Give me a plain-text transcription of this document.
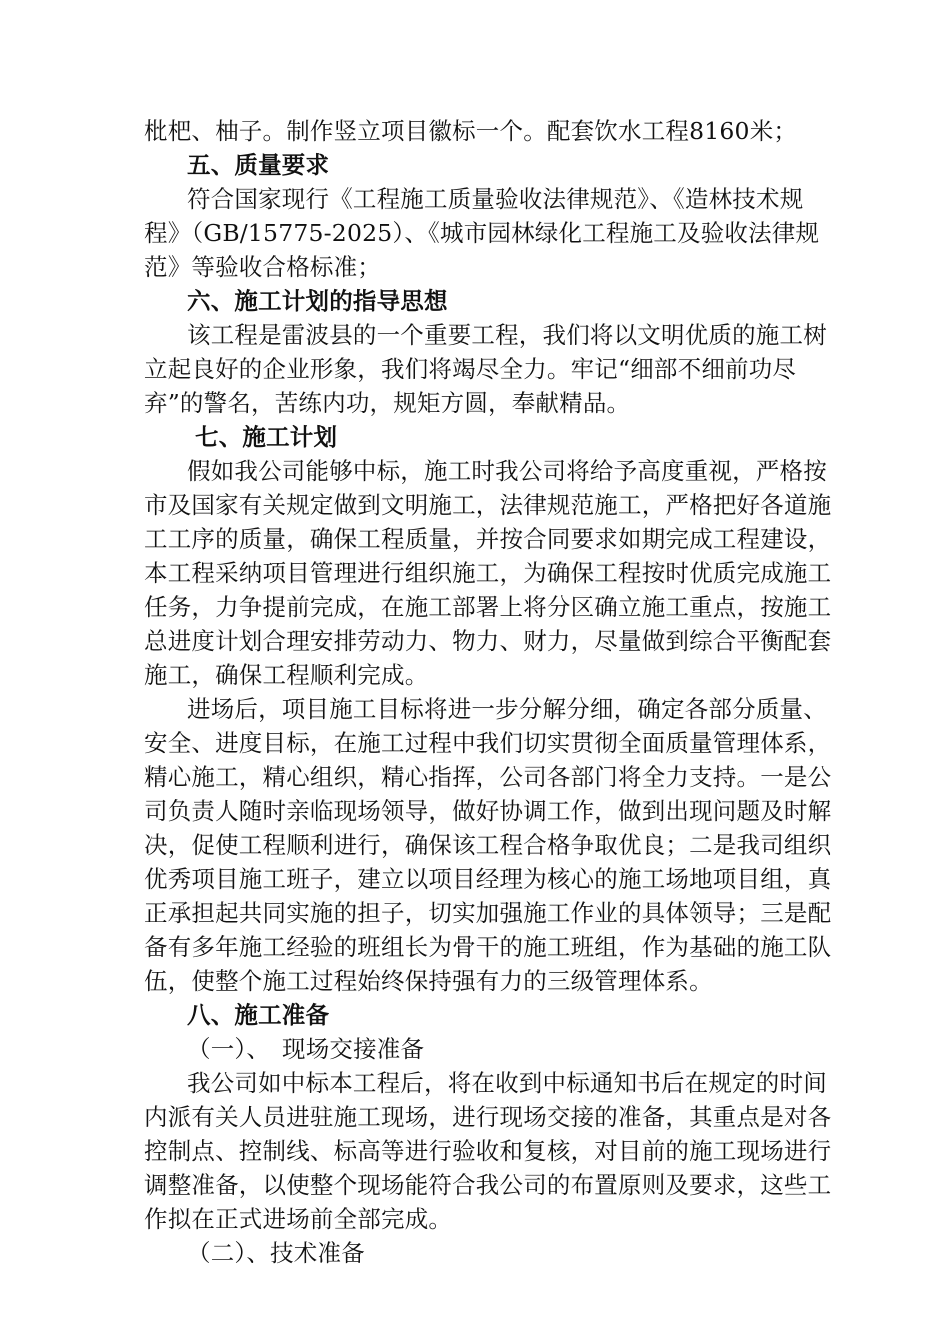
枇杷、柚子。制作竖立项目徽标一个。配套饮水工程8160米；
五、质量要求
符合国家现行《工程施工质量验收法律规范》、《造林技术规
程》（GB/15775-2025）、《城市园林绿化工程施工及验收法律规
范》等验收合格标准；
六、施工计划的指导思想
该工程是雷波县的一个重要工程，我们将以文明优质的施工树
立起良好的企业形象，我们将竭尽全力。牢记“细部不细前功尽
弃”的警名，苦练内功，规矩方圆，奉献精品。
七、施工计划
假如我公司能够中标，施工时我公司将给予高度重视，严格按
市及国家有关规定做到文明施工，法律规范施工，严格把好各道施
工工序的质量，确保工程质量，并按合同要求如期完成工程建设，
本工程采纳项目管理进行组织施工，为确保工程按时优质完成施工
任务，力争提前完成，在施工部署上将分区确立施工重点，按施工
总进度计划合理安排劳动力、物力、财力，尽量做到综合平衡配套
施工，确保工程顺利完成。
进场后，项目施工目标将进一步分解分细，确定各部分质量、
安全、进度目标，在施工过程中我们切实贯彻全面质量管理体系，
精心施工，精心组织，精心指挥，公司各部门将全力支持。一是公
司负责人随时亲临现场领导，做好协调工作，做到出现问题及时解
决，促使工程顺利进行，确保该工程合格争取优良；二是我司组织
优秀项目施工班子，建立以项目经理为核心的施工场地项目组，真
正承担起共同实施的担子，切实加强施工作业的具体领导；三是配
备有多年施工经验的班组长为骨干的施工班组，作为基础的施工队
伍，使整个施工过程始终保持强有力的三级管理体系。
八、施工准备
（一）、　现场交接准备
我公司如中标本工程后，将在收到中标通知书后在规定的时间
内派有关人员进驻施工现场，进行现场交接的准备，其重点是对各
控制点、控制线、标高等进行验收和复核，对目前的施工现场进行
调整准备，以使整个现场能符合我公司的布置原则及要求，这些工
作拟在正式进场前全部完成。
（二）、技术准备
